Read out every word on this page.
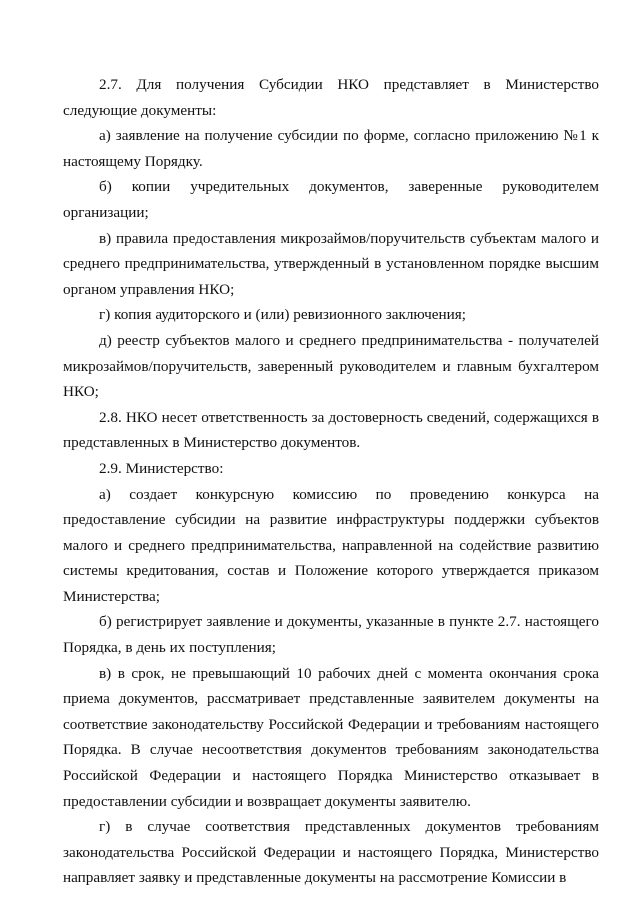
2.7. Для получения Субсидии НКО представляет в Министерство следующие документы:

а) заявление на получение субсидии по форме, согласно приложению №1 к настоящему Порядку.

б) копии учредительных документов, заверенные руководителем организации;

в) правила предоставления микрозаймов/поручительств субъектам малого и среднего предпринимательства, утвержденный в установленном порядке высшим органом управления НКО;

г) копия аудиторского и (или) ревизионного заключения;

д) реестр субъектов малого и среднего предпринимательства - получателей микрозаймов/поручительств, заверенный руководителем и главным бухгалтером НКО;

2.8. НКО несет ответственность за достоверность сведений, содержащихся в представленных в Министерство документов.

2.9. Министерство:

а) создает конкурсную комиссию по проведению конкурса на предоставление субсидии на развитие инфраструктуры поддержки субъектов малого и среднего предпринимательства, направленной на содействие развитию системы кредитования, состав и Положение которого утверждается приказом Министерства;

б) регистрирует заявление и документы, указанные в пункте 2.7. настоящего Порядка, в день их поступления;

в) в срок, не превышающий 10 рабочих дней с момента окончания срока приема документов, рассматривает представленные заявителем документы на соответствие законодательству Российской Федерации и требованиям настоящего Порядка. В случае несоответствия документов требованиям законодательства Российской Федерации и настоящего Порядка Министерство отказывает в предоставлении субсидии и возвращает документы заявителю.

г) в случае соответствия представленных документов требованиям законодательства Российской Федерации и настоящего Порядка, Министерство направляет заявку и представленные документы на рассмотрение Комиссии в
